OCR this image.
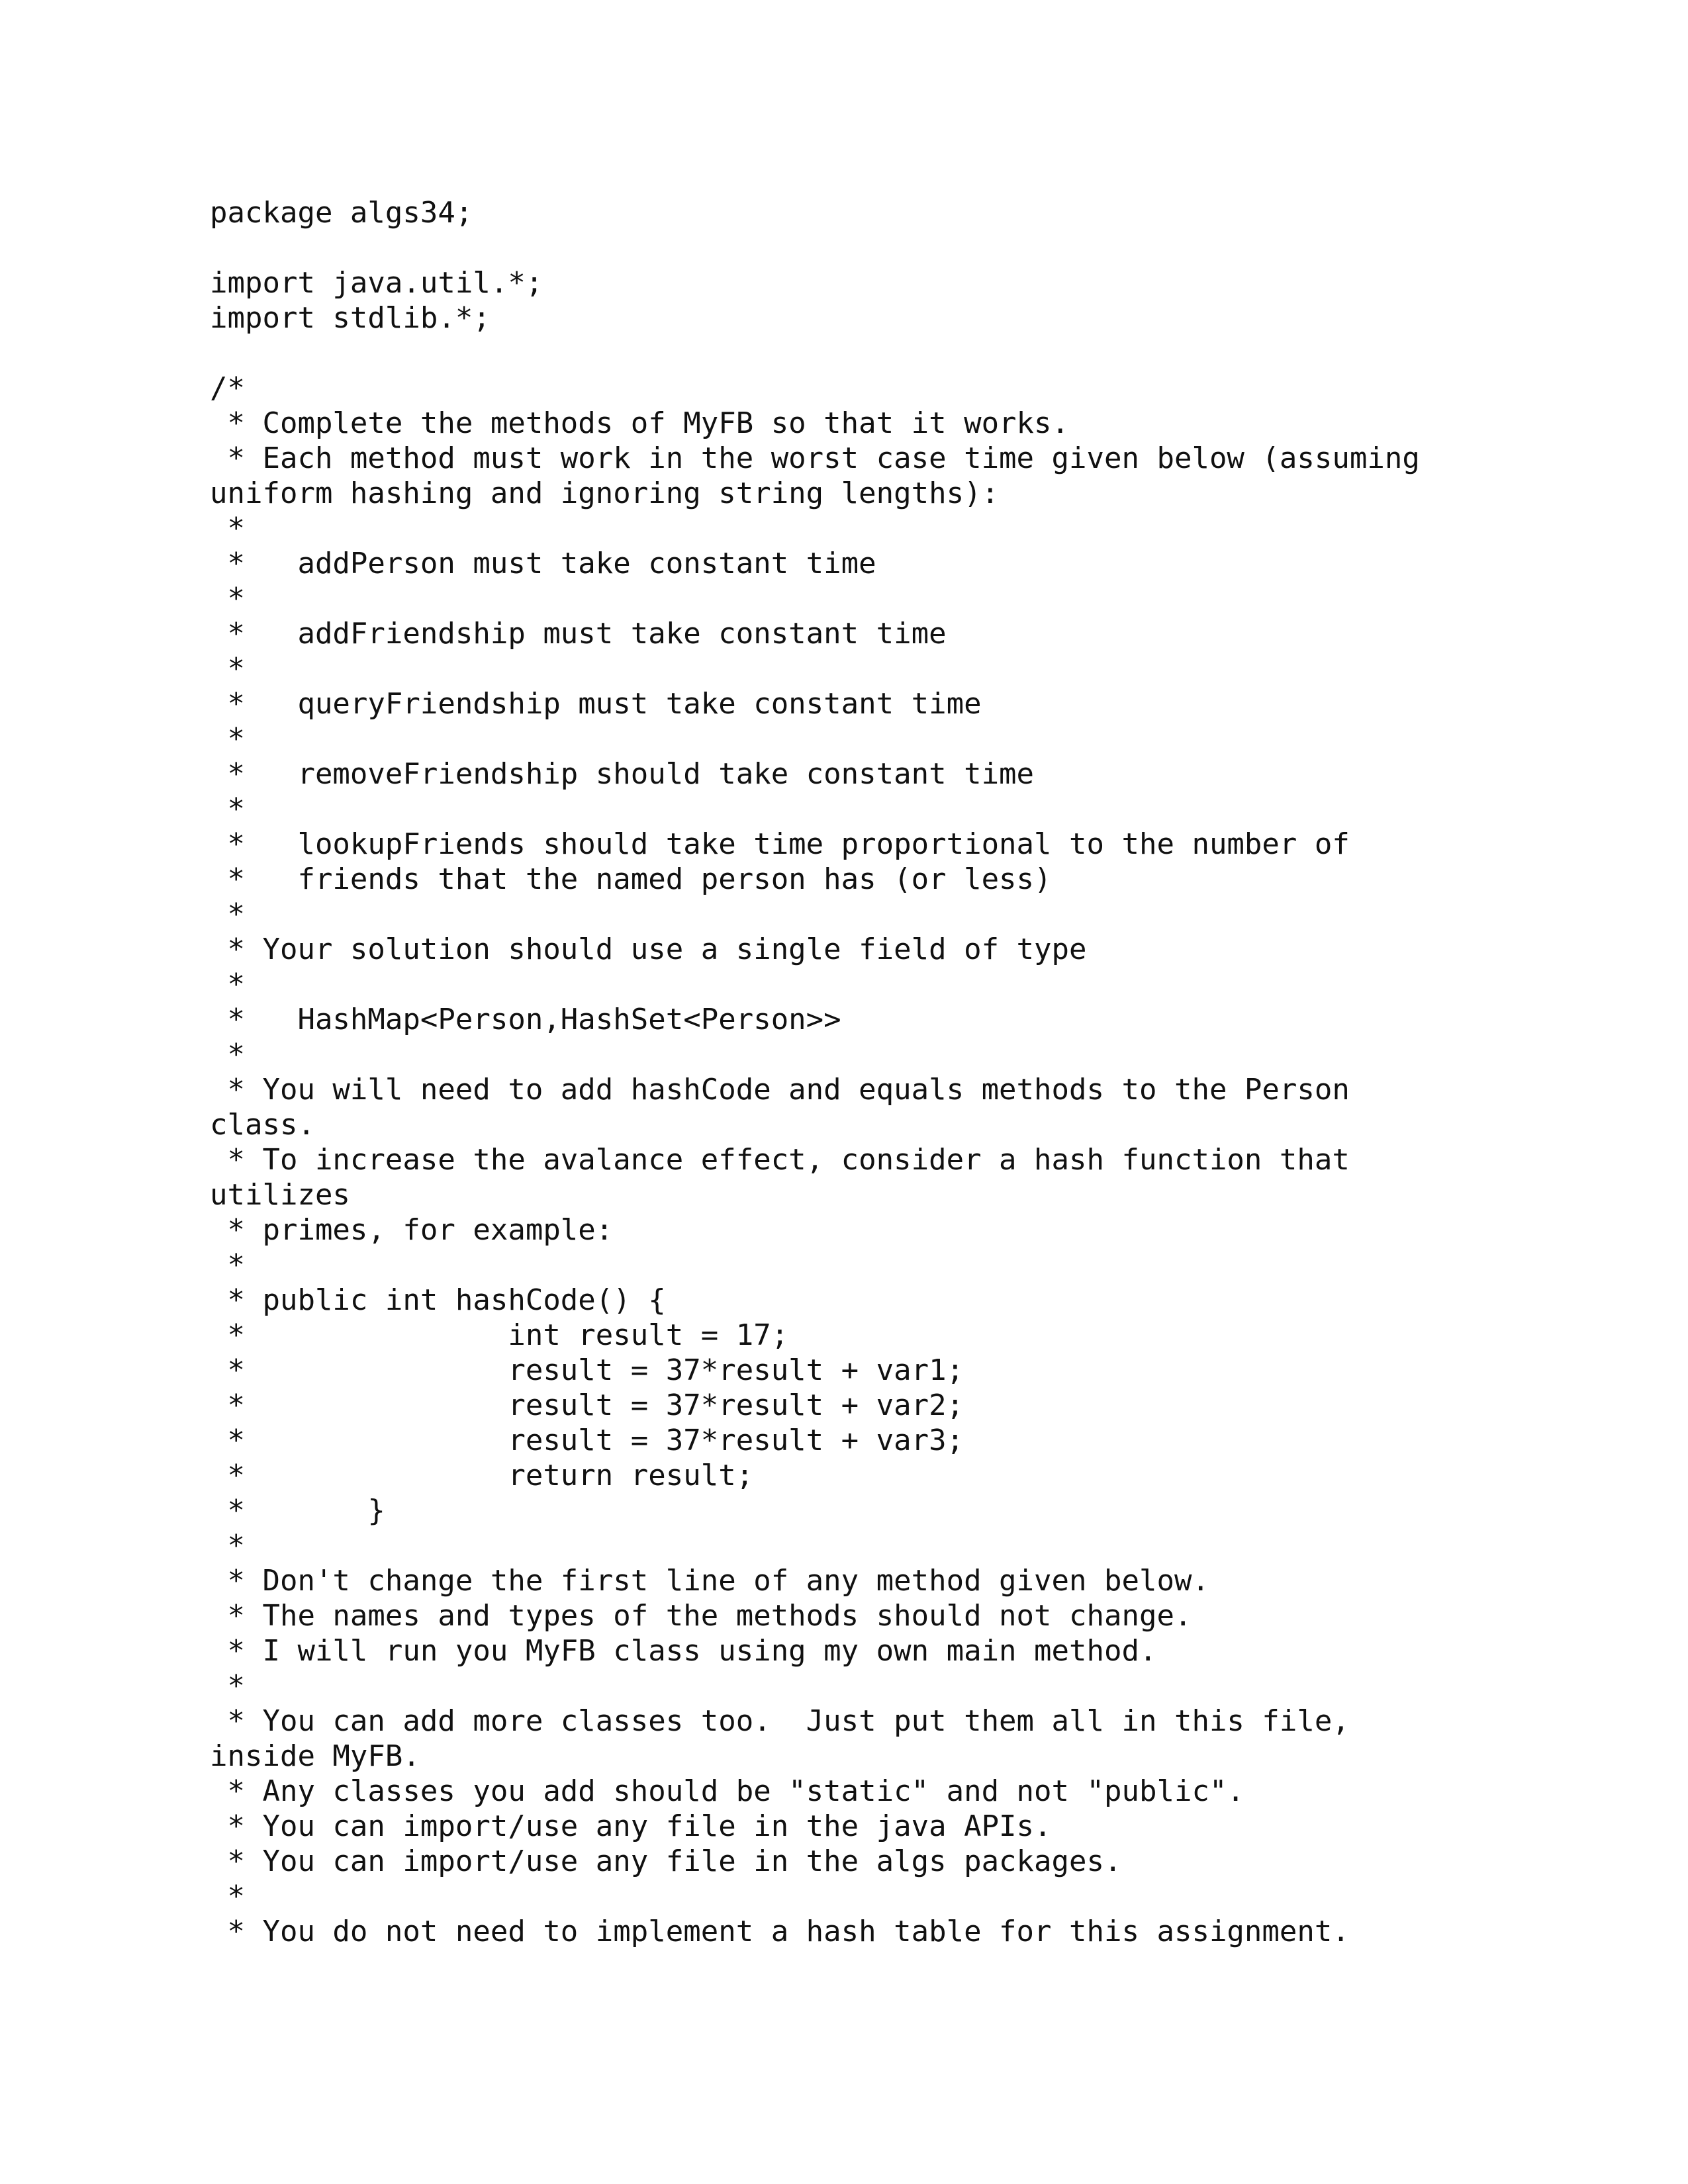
package algs34;
import java.util.*;
import stdlib.*;
/*
* Complete the methods of MyFB so that it works.
* Each method must work in the worst case time given below (assuming
uniform hashing and ignoring string lengths):
*
*   addPerson must take constant time
*
*   addFriendship must take constant time
*
*   queryFriendship must take constant time
*
*   removeFriendship should take constant time
*
*   lookupFriends should take time proportional to the number of
*   friends that the named person has (or less)
*
* Your solution should use a single field of type
*
*   HashMap<Person,HashSet<Person>>
*
* You will need to add hashCode and equals methods to the Person
class.
* To increase the avalance effect, consider a hash function that
utilizes
* primes, for example:
*
* public int hashCode() {
*               int result = 17;
*               result = 37*result + var1;
*               result = 37*result + var2;
*               result = 37*result + var3;
*               return result;
*       }
*
* Don't change the first line of any method given below.
* The names and types of the methods should not change.
* I will run you MyFB class using my own main method.
*
* You can add more classes too.  Just put them all in this file,
inside MyFB.
* Any classes you add should be "static" and not "public".
* You can import/use any file in the java APIs.
* You can import/use any file in the algs packages.
*
* You do not need to implement a hash table for this assignment.
